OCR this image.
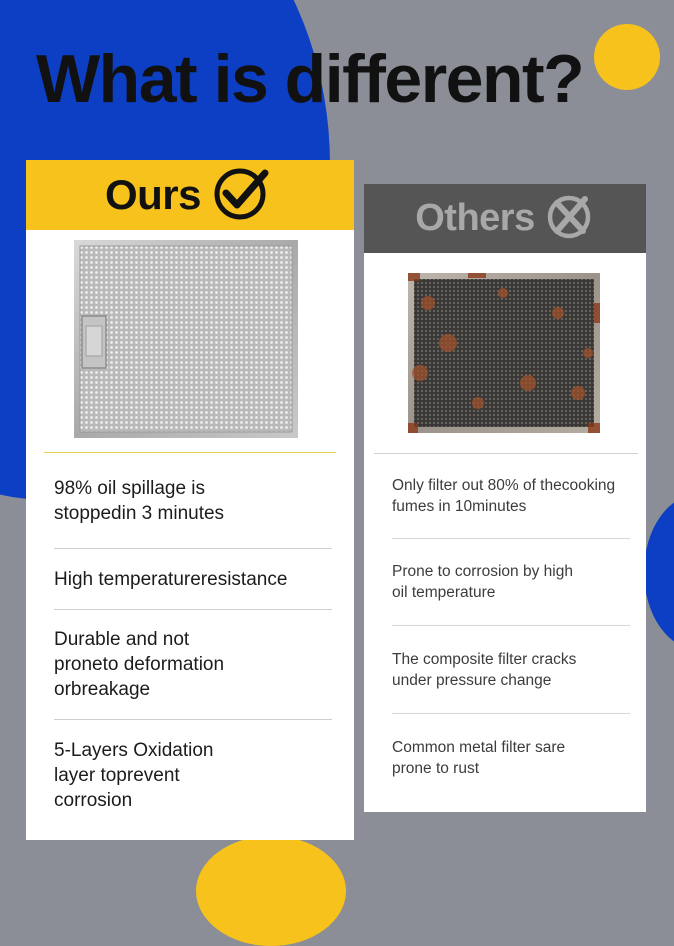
What is different?
Ours
98% oil spillage is
stoppedin 3 minutes
High temperatureresistance
Durable and not
proneto deformation
orbreakage
5-Layers Oxidation
layer toprevent
corrosion
Others
Only filter out 80% of thecooking
fumes in 10minutes
Prone to corrosion by high
oil temperature
The composite filter cracks
under pressure change
Common metal filter sare
prone to rust
